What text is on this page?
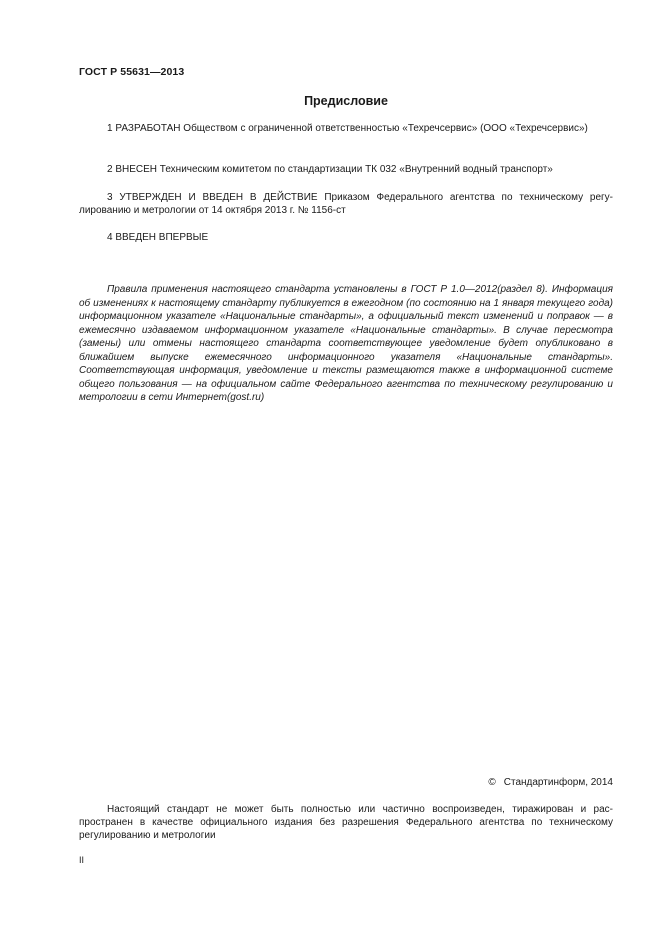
ГОСТ Р 55631—2013
Предисловие

1 РАЗРАБОТАН Обществом с ограниченной ответственностью «Техречсервис» (ООО «Техречсервис»)

2 ВНЕСЕН Техническим комитетом по стандартизации ТК 032 «Внутренний водный транспорт»

3 УТВЕРЖДЕН И ВВЕДЕН В ДЕЙСТВИЕ Приказом Федерального агентства по техническому регулированию и метрологии от 14 октября 2013 г. № 1156-ст

4 ВВЕДЕН ВПЕРВЫЕ

Правила применения настоящего стандарта установлены в ГОСТ Р 1.0—2012(раздел 8). Информация об изменениях к настоящему стандарту публикуется в ежегодном (по состоянию на 1 января текущего года) информационном указателе «Национальные стандарты», а официальный текст изменений и поправок — в ежемесячно издаваемом информационном указателе «Национальные стандарты». В случае пересмотра (замены) или отмены настоящего стандарта соответствующее уведомление будет опубликовано в ближайшем выпуске ежемесячного информационного указателя «Национальные стандарты». Соответствующая информация, уведомление и тексты размещаются также в информационной системе общего пользования — на официальном сайте Федерального агентства по техническому регулированию и метрологии в сети Интернет(gost.ru)

© Стандартинформ, 2014

Настоящий стандарт не может быть полностью или частично воспроизведен, тиражирован и распространен в качестве официального издания без разрешения Федерального агентства по техническому регулированию и метрологии

II
